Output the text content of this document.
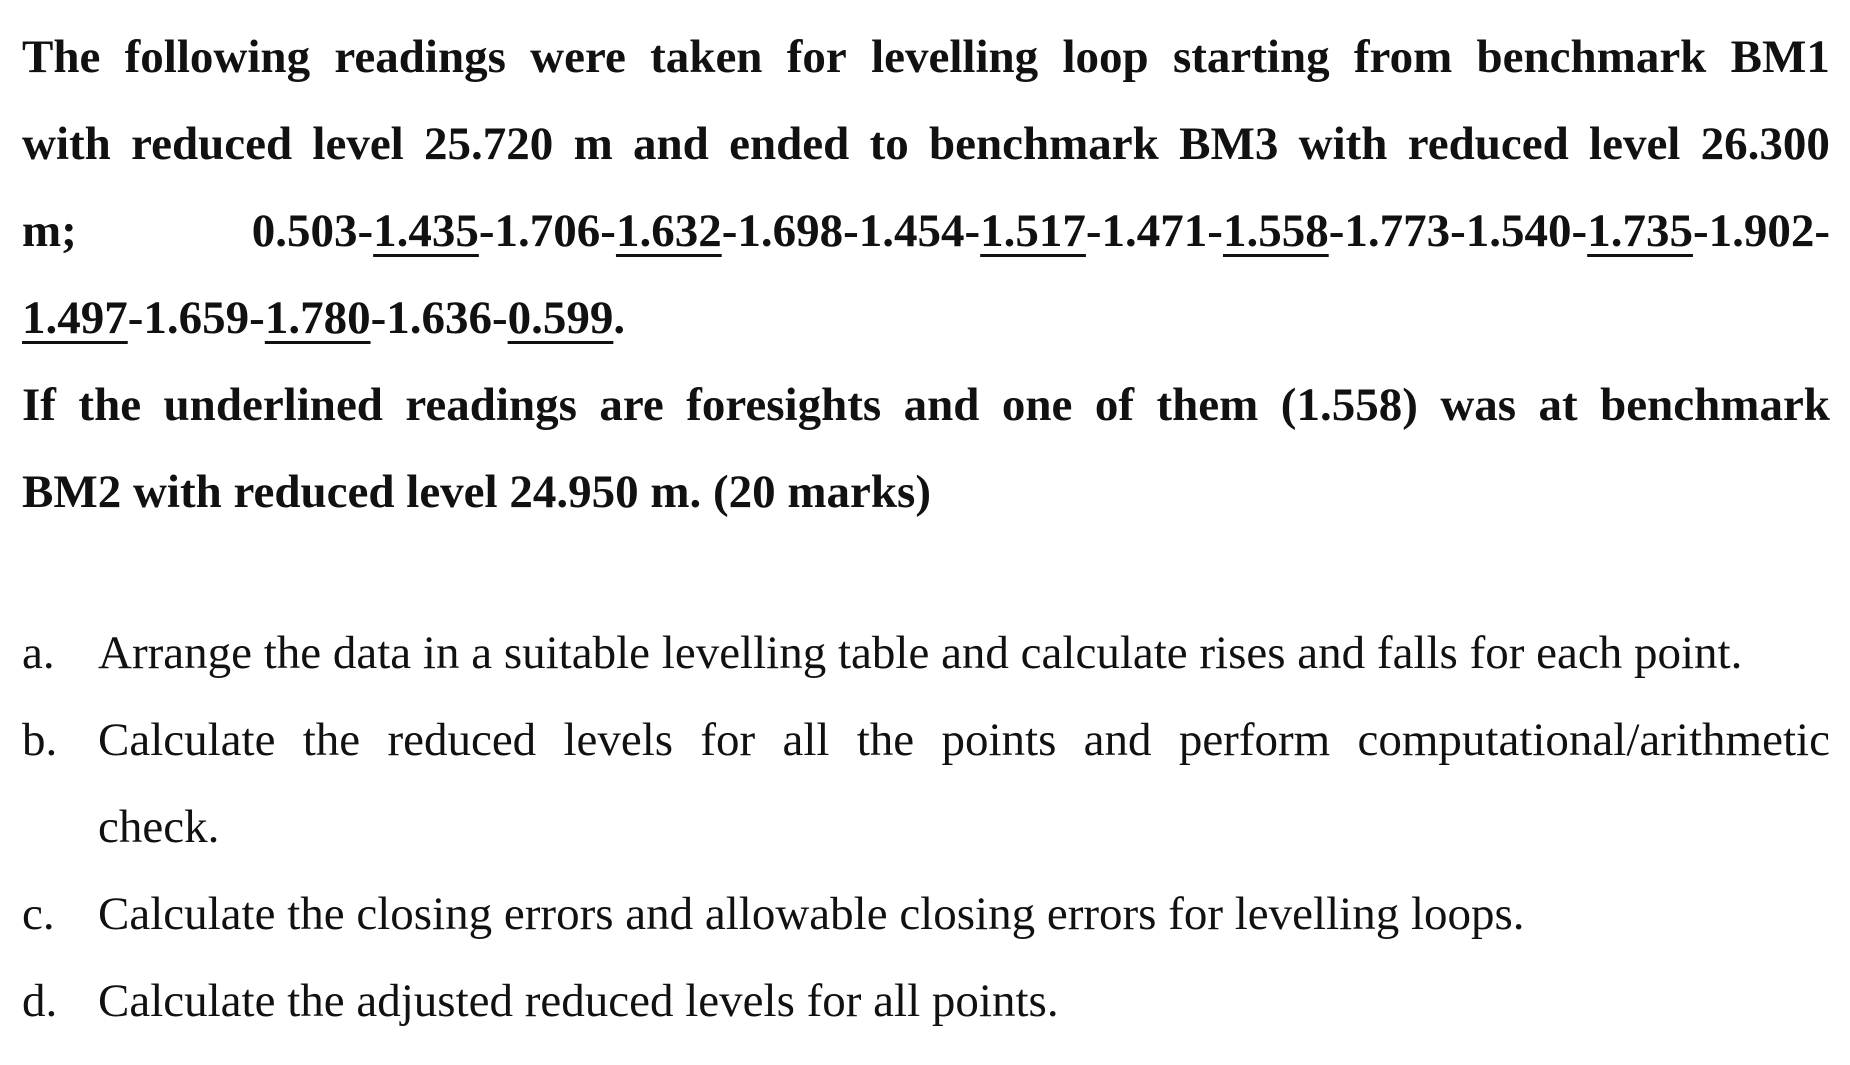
The following readings were taken for levelling loop starting from benchmark BM1
with reduced level 25.720 m and ended to benchmark BM3 with reduced level 26.300
m;	0.503-1.435-1.706-1.632-1.698-1.454-1.517-1.471-1.558-1.773-1.540-1.735-1.902-
1.497-1.659-1.780-1.636-0.599.
If the underlined readings are foresights and one of them (1.558) was at benchmark
BM2 with reduced level 24.950 m. (20 marks)
a. Arrange the data in a suitable levelling table and calculate rises and falls for each point.
b. Calculate the reduced levels for all the points and perform computational/arithmetic
check.
c. Calculate the closing errors and allowable closing errors for levelling loops.
d. Calculate the adjusted reduced levels for all points.
